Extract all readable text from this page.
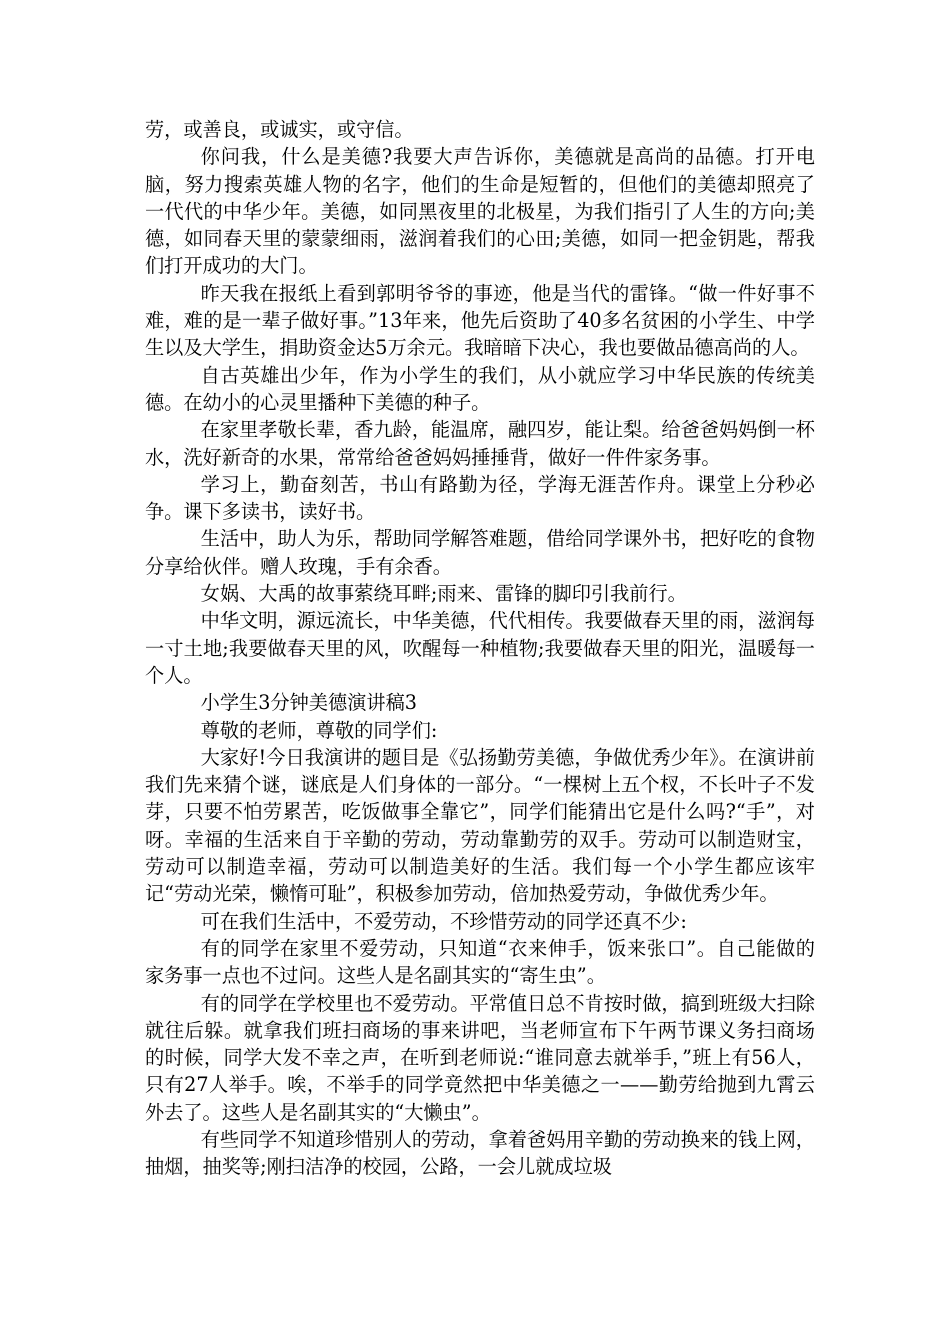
劳，或善良，或诚实，或守信。

你问我，什么是美德?我要大声告诉你，美德就是高尚的品德。打开电脑，努力搜索英雄人物的名字，他们的生命是短暂的，但他们的美德却照亮了一代代的中华少年。美德，如同黑夜里的北极星，为我们指引了人生的方向;美德，如同春天里的蒙蒙细雨，滋润着我们的心田;美德，如同一把金钥匙，帮我们打开成功的大门。

昨天我在报纸上看到郭明爷爷的事迹，他是当代的雷锋。“做一件好事不难，难的是一辈子做好事。”13年来，他先后资助了40多名贫困的小学生、中学生以及大学生，捐助资金达5万余元。我暗暗下决心，我也要做品德高尚的人。

自古英雄出少年，作为小学生的我们，从小就应学习中华民族的传统美德。在幼小的心灵里播种下美德的种子。

在家里孝敬长辈，香九龄，能温席，融四岁，能让梨。给爸爸妈妈倒一杯水，洗好新奇的水果，常常给爸爸妈妈捶捶背，做好一件件家务事。

学习上，勤奋刻苦，书山有路勤为径，学海无涯苦作舟。课堂上分秒必争。课下多读书，读好书。

生活中，助人为乐，帮助同学解答难题，借给同学课外书，把好吃的食物分享给伙伴。赠人玫瑰，手有余香。

女娲、大禹的故事萦绕耳畔;雨来、雷锋的脚印引我前行。

中华文明，源远流长，中华美德，代代相传。我要做春天里的雨，滋润每一寸土地;我要做春天里的风，吹醒每一种植物;我要做春天里的阳光，温暖每一个人。

小学生3分钟美德演讲稿3

尊敬的老师，尊敬的同学们:

大家好!今日我演讲的题目是《弘扬勤劳美德，争做优秀少年》。在演讲前我们先来猜个谜，谜底是人们身体的一部分。“一棵树上五个杈，不长叶子不发芽，只要不怕劳累苦，吃饭做事全靠它”，同学们能猜出它是什么吗?“手”，对呀。幸福的生活来自于辛勤的劳动，劳动靠勤劳的双手。劳动可以制造财宝，劳动可以制造幸福，劳动可以制造美好的生活。我们每一个小学生都应该牢记“劳动光荣，懒惰可耻”，积极参加劳动，倍加热爱劳动，争做优秀少年。

可在我们生活中，不爱劳动，不珍惜劳动的同学还真不少:

有的同学在家里不爱劳动，只知道“衣来伸手，饭来张口”。自己能做的家务事一点也不过问。这些人是名副其实的“寄生虫”。

有的同学在学校里也不爱劳动。平常值日总不肯按时做，搞到班级大扫除就往后躲。就拿我们班扫商场的事来讲吧，当老师宣布下午两节课义务扫商场的时候，同学大发不幸之声，在听到老师说:“谁同意去就举手，”班上有56人，只有27人举手。唉，不举手的同学竟然把中华美德之一——勤劳给抛到九霄云外去了。这些人是名副其实的“大懒虫”。

有些同学不知道珍惜别人的劳动，拿着爸妈用辛勤的劳动换来的钱上网，抽烟，抽奖等;刚扫洁净的校园，公路，一会儿就成垃圾
